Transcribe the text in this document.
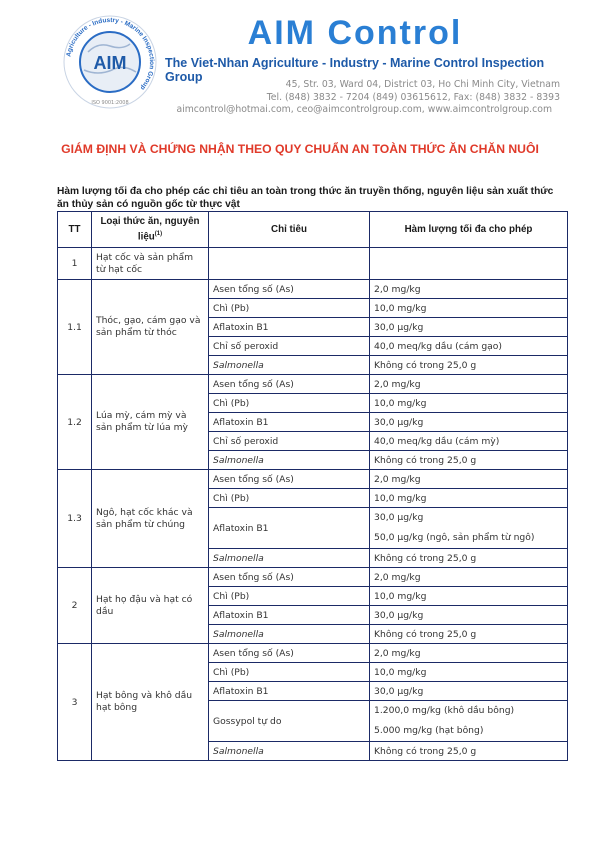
AIM
Agriculture - Industry - Marine Inspection Group
ISO 9001:2008
AIM Control
The Viet-Nhan Agriculture - Industry - Marine Control Inspection Group
45, Str. 03, Ward 04, District 03, Ho Chi Minh City, Vietnam
Tel. (848) 3832 - 7204 (849) 03615612, Fax: (848) 3832 - 8393
aimcontrol@hotmai.com, ceo@aimcontrolgroup.com, www.aimcontrolgroup.com
GIÁM ĐỊNH VÀ CHỨNG NHẬN THEO QUY CHUẨN AN TOÀN THỨC ĂN CHĂN NUÔI
Hàm lượng tối đa cho phép các chỉ tiêu an toàn trong thức ăn truyền thống, nguyên liệu sản xuất thức ăn thủy sản có nguồn gốc từ thực vật
TT	Loại thức ăn, nguyên liệu$^{(1)}$	Chỉ tiêu	Hàm lượng tối đa cho phép
1	Hạt cốc và sản phẩm từ hạt cốc		
1.1	Thóc, gạo, cám gạo và sản phẩm từ thóc	Asen tổng số (As)	2,0 mg/kg
		Chì (Pb)	10,0 mg/kg
		Aflatoxin B1	30,0 µg/kg
		Chỉ số peroxid	40,0 meq/kg dầu (cám gạo)
		Salmonella	Không có trong 25,0 g
1.2	Lúa mỳ, cám mỳ và sản phẩm từ lúa mỳ	Asen tổng số (As)	2,0 mg/kg
		Chì (Pb)	10,0 mg/kg
		Aflatoxin B1	30,0 µg/kg
		Chỉ số peroxid	40,0 meq/kg dầu (cám mỳ)
		Salmonella	Không có trong 25,0 g
1.3	Ngô, hạt cốc khác và sản phẩm từ chúng	Asen tổng số (As)	2,0 mg/kg
		Chì (Pb)	10,0 mg/kg
		Aflatoxin B1	30,0 µg/kg
50,0 µg/kg (ngô, sản phẩm từ ngô)

		Salmonella	Không có trong 25,0 g
2	Hạt họ đậu và hạt có dầu	Asen tổng số (As)	2,0 mg/kg
		Chì (Pb)	10,0 mg/kg
		Aflatoxin B1	30,0 µg/kg
		Salmonella	Không có trong 25,0 g
3	Hạt bông và khô dầu hạt bông	Asen tổng số (As)	2,0 mg/kg
		Chì (Pb)	10,0 mg/kg
		Aflatoxin B1	30,0 µg/kg
		Gossypol tự do	1.200,0 mg/kg (khô dầu bông)
5.000 mg/kg (hạt bông)

		Salmonella	Không có trong 25,0 g
